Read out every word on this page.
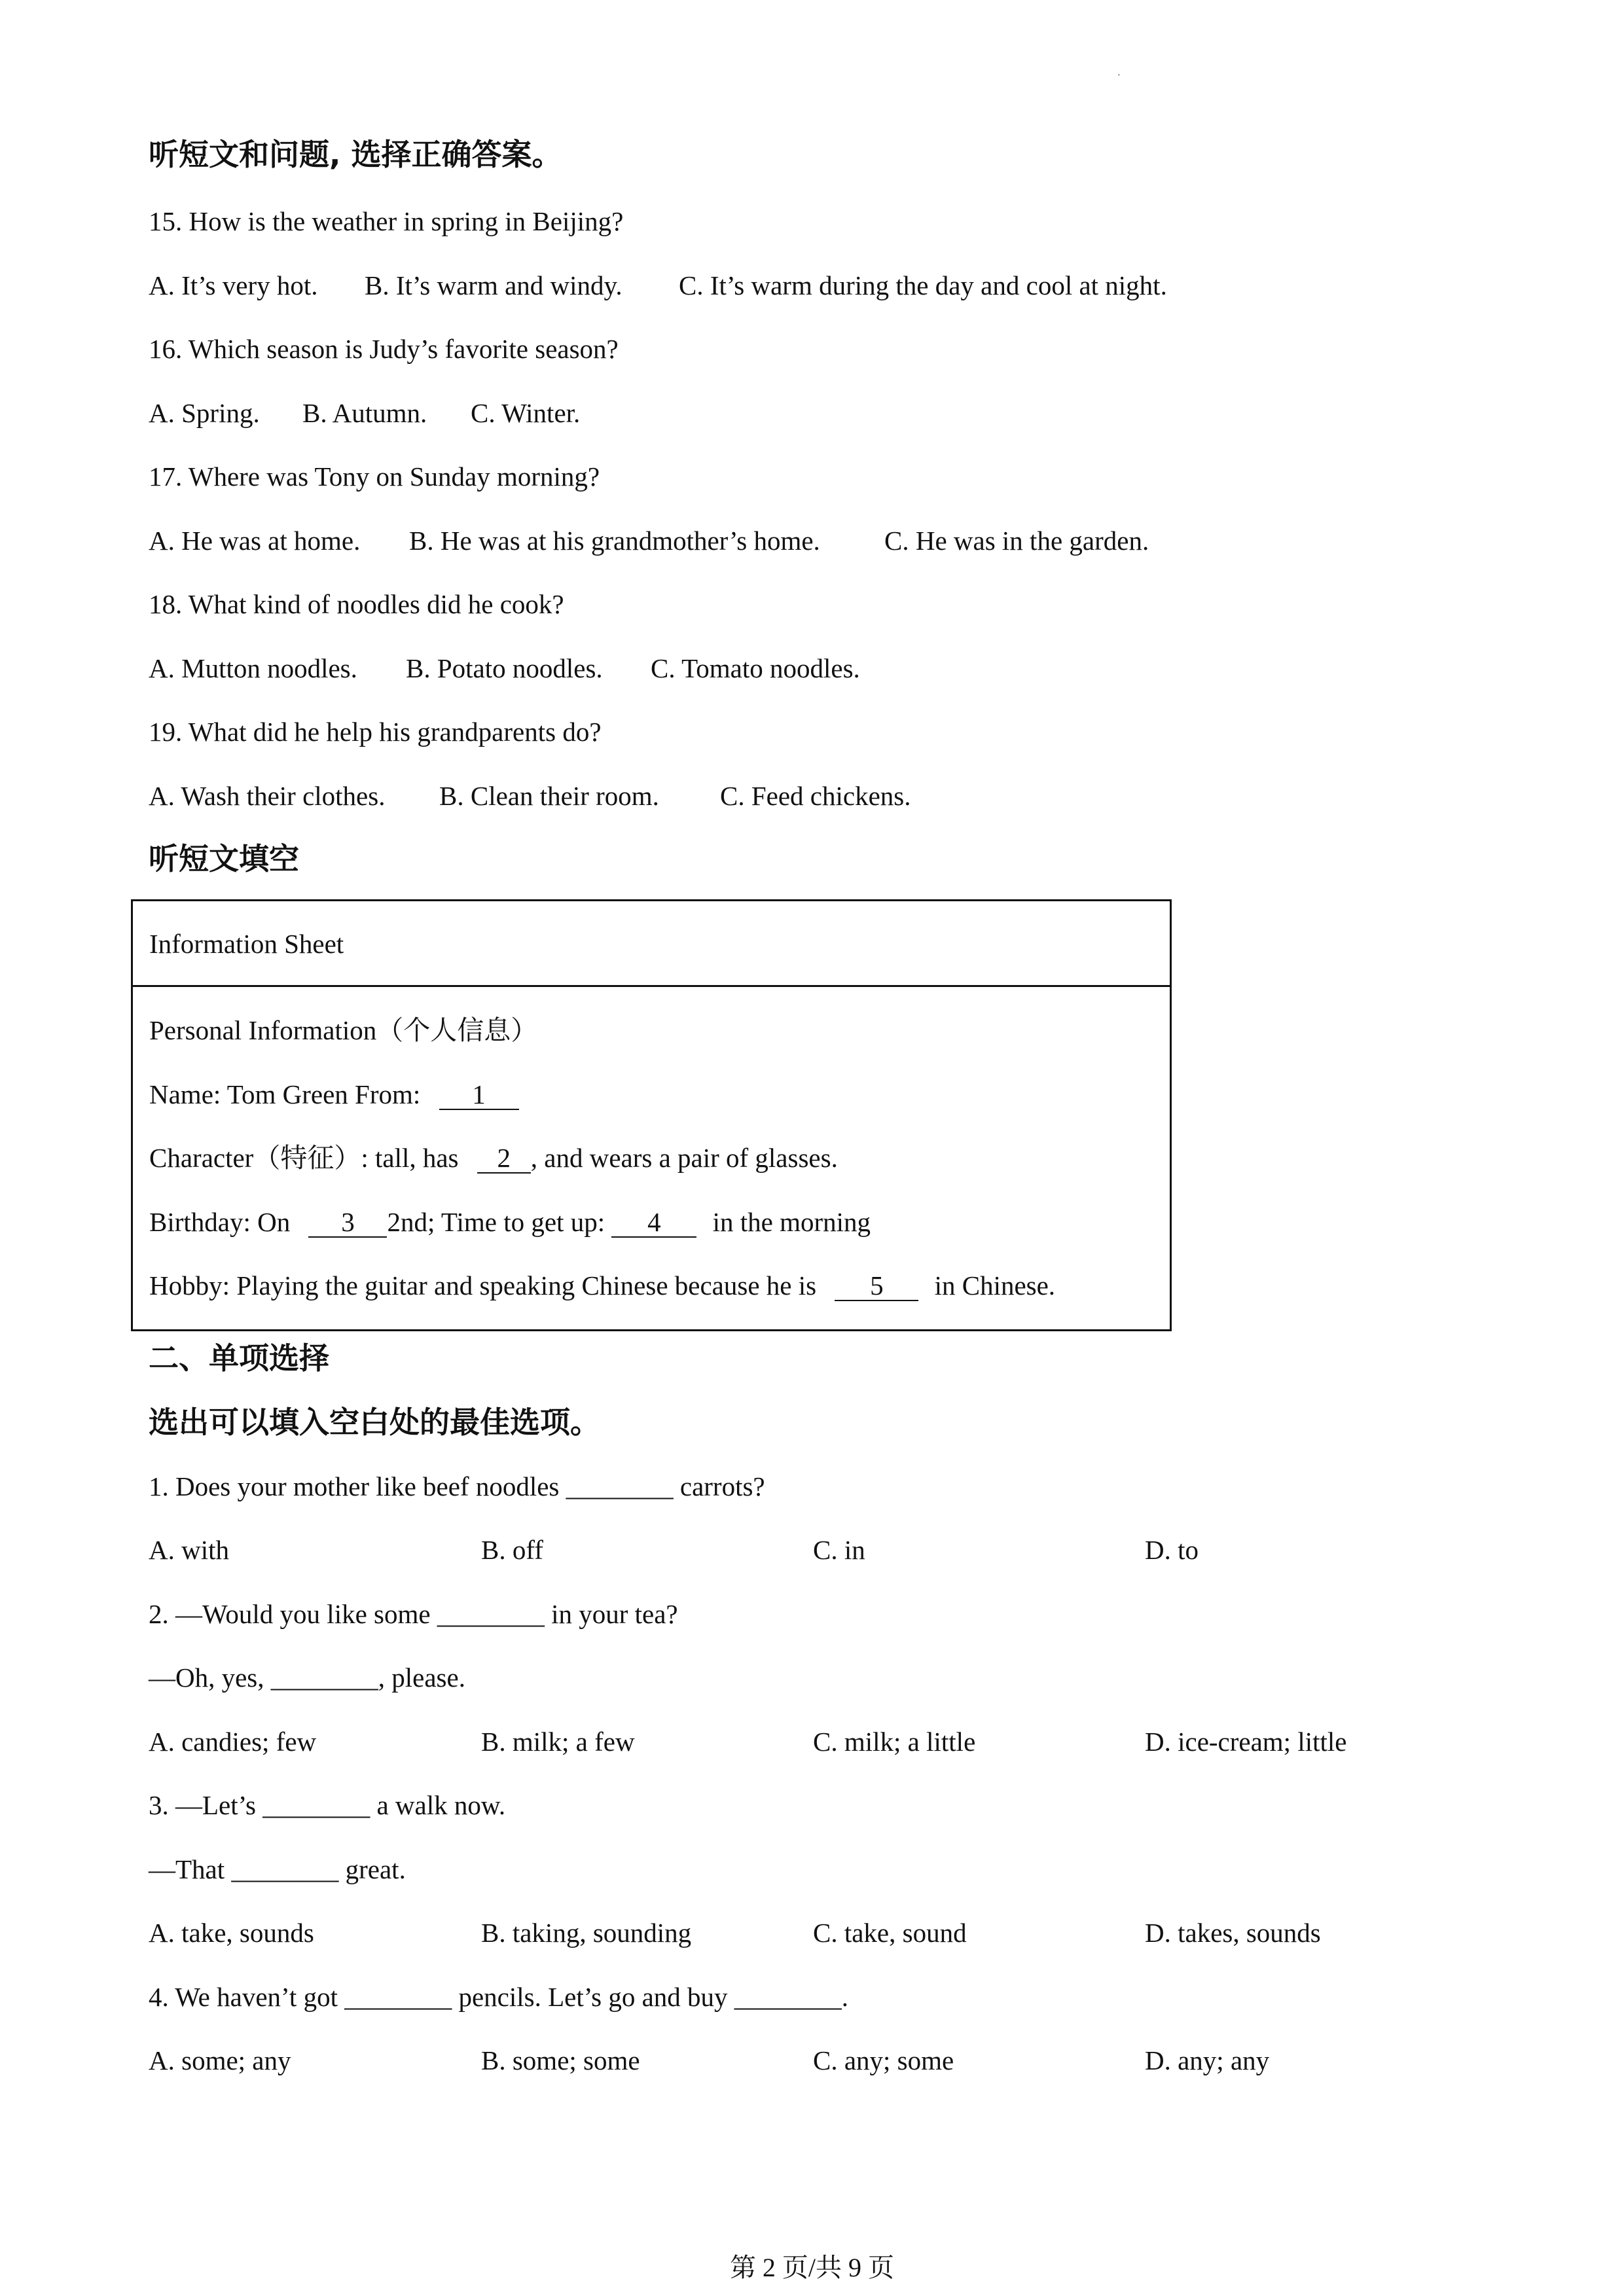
·
听短文和问题, 选择正确答案。
15. How is the weather in spring in Beijing?
A. It’s very hot. B. It’s warm and windy. C. It’s warm during the day and cool at night.
16. Which season is Judy’s favorite season?
A. Spring. B. Autumn. C. Winter.
17. Where was Tony on Sunday morning?
A. He was at home. B. He was at his grandmother’s home. C. He was in the garden.
18. What kind of noodles did he cook?
A. Mutton noodles. B. Potato noodles. C. Tomato noodles.
19. What did he help his grandparents do?
A. Wash their clothes. B. Clean their room. C. Feed chickens.
听短文填空
Information Sheet
Personal Information（个人信息）
Name: Tom Green From: 1
Character（特征）: tall, has 2 , and wears a pair of glasses.
Birthday: On 3 2nd; Time to get up: 4 in the morning
Hobby: Playing the guitar and speaking Chinese because he is 5 in Chinese.
二、单项选择
选出可以填入空白处的最佳选项。
1. Does your mother like beef noodles ________ carrots?
A. with	B. off	C. in	D. to
2. —Would you like some ________ in your tea?
—Oh, yes, ________, please.
A. candies; few	B. milk; a few	C. milk; a little	D. ice-cream; little
3. —Let’s ________ a walk now.
—That ________ great.
A. take, sounds	B. taking, sounding	C. take, sound	D. takes, sounds
4. We haven’t got ________ pencils. Let’s go and buy ________.
A. some; any	B. some; some	C. any; some	D. any; any
第 2 页/共 9 页
